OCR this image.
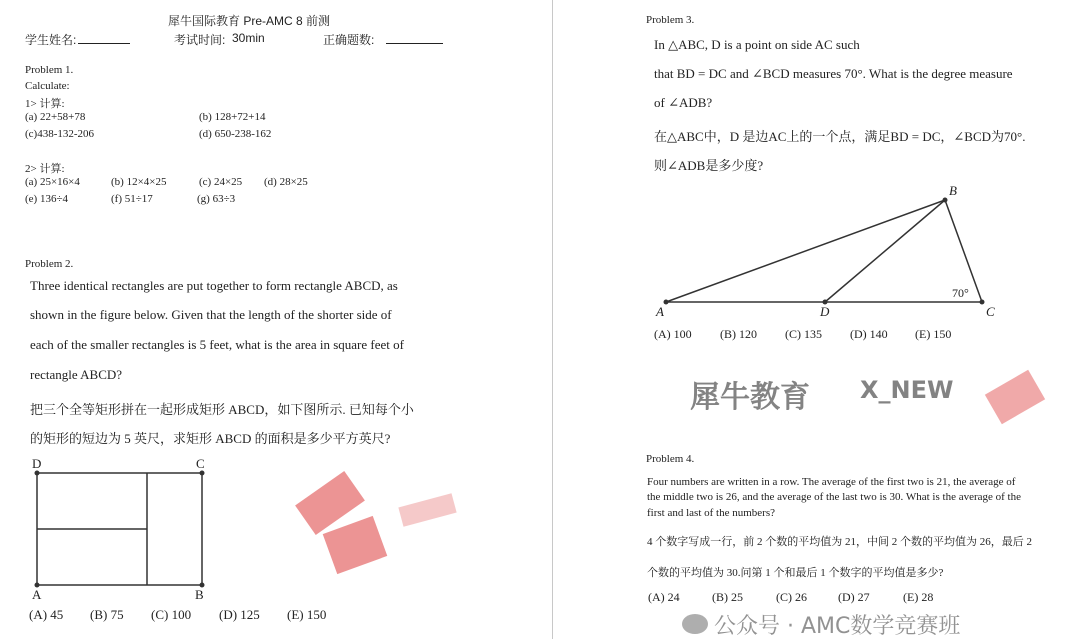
犀牛国际教育 Pre-AMC 8 前测
学生姓名:	考试时间: 30min	正确题数:
Problem 1.
Calculate:
1> 计算:
(a) 22+58+78	(b) 128+72+14
(c)438-132-206	(d) 650-238-162
2> 计算:
(a) 25×16×4	(b) 12×4×25	(c) 24×25 (d) 28×25
(e) 136÷4	(f) 51÷17	(g) 63÷3
Problem 2.
Three identical rectangles are put together to form rectangle ABCD, as
shown in the figure below. Given that the length of the shorter side of
each of the smaller rectangles is 5 feet, what is the area in square feet of
rectangle ABCD?
把三个全等矩形拼在一起形成矩形 ABCD，如下图所示. 已知每个小
的矩形的短边为 5 英尺，求矩形 ABCD 的面积是多少平方英尺?
D	C
A	B
(A) 45 (B) 75 (C) 100 (D) 125 (E) 150
Problem 3.
In △ABC, D is a point on side AC such
that BD = DC and ∠BCD measures 70°. What is the degree measure
of ∠ADB?
在△ABC中，D 是边AC上的一个点，满足BD = DC，∠BCD为70°.
则∠ADB是多少度?
A
B
C
D
70°
(A) 100 (B) 120 (C) 135 (D) 140 (E) 150
Problem 4.
Four numbers are written in a row. The average of the first two is 21, the average of
the middle two is 26, and the average of the last two is 30. What is the average of the
first and last of the numbers?
4 个数字写成一行，前 2 个数的平均值为 21，中间 2 个数的平均值为 26，最后 2
个数的平均值为 30.问第 1 个和最后 1 个数字的平均值是多少?
(A) 24	(B) 25	(C) 26	(D) 27	(E) 28
犀牛教育 X_NEW
公众号 · AMC数学竞赛班
